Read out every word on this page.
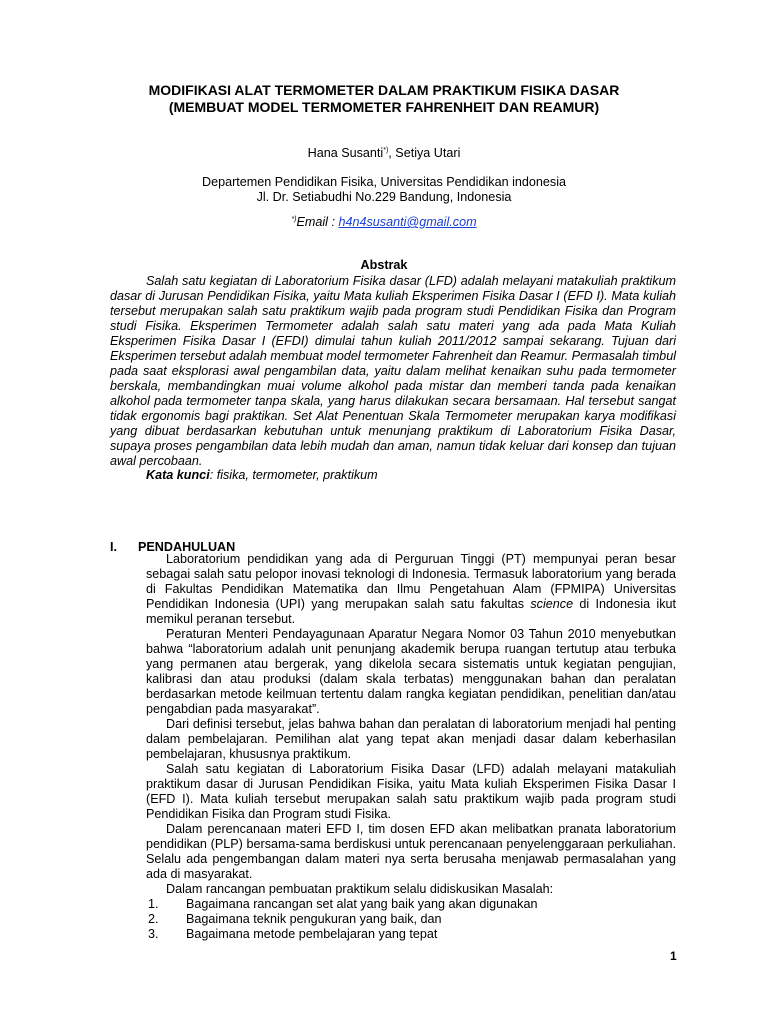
MODIFIKASI ALAT TERMOMETER DALAM PRAKTIKUM FISIKA DASAR
(MEMBUAT MODEL TERMOMETER FAHRENHEIT DAN REAMUR)
Hana Susanti*), Setiya Utari
Departemen Pendidikan Fisika, Universitas Pendidikan indonesia
Jl. Dr. Setiabudhi No.229 Bandung, Indonesia
*)Email : h4n4susanti@gmail.com
Abstrak
Salah satu kegiatan di Laboratorium Fisika dasar (LFD) adalah melayani matakuliah praktikum dasar di Jurusan Pendidikan Fisika, yaitu Mata kuliah Eksperimen Fisika Dasar I (EFD I). Mata kuliah tersebut merupakan salah satu praktikum wajib pada program studi Pendidikan Fisika dan Program studi Fisika. Eksperimen Termometer adalah salah satu materi yang ada pada Mata Kuliah Eksperimen Fisika Dasar I (EFDI) dimulai tahun kuliah 2011/2012 sampai sekarang. Tujuan dari Eksperimen tersebut adalah membuat model termometer Fahrenheit dan Reamur. Permasalah timbul pada saat eksplorasi awal pengambilan data, yaitu dalam melihat kenaikan suhu pada termometer berskala, membandingkan muai volume alkohol pada mistar dan memberi tanda pada kenaikan alkohol pada termometer tanpa skala, yang harus dilakukan secara bersamaan. Hal tersebut sangat tidak ergonomis bagi praktikan. Set Alat Penentuan Skala Termometer merupakan karya modifikasi yang dibuat berdasarkan kebutuhan untuk menunjang praktikum di Laboratorium Fisika Dasar, supaya proses pengambilan data lebih mudah dan aman, namun tidak keluar dari konsep dan tujuan awal percobaan.
Kata kunci: fisika, termometer, praktikum
I. PENDAHULUAN

Laboratorium pendidikan yang ada di Perguruan Tinggi (PT) mempunyai peran besar sebagai salah satu pelopor inovasi teknologi di Indonesia. Termasuk laboratorium yang berada di Fakultas Pendidikan Matematika dan Ilmu Pengetahuan Alam (FPMIPA) Universitas Pendidikan Indonesia (UPI) yang merupakan salah satu fakultas science di Indonesia ikut memikul peranan tersebut.

Peraturan Menteri Pendayagunaan Aparatur Negara Nomor 03 Tahun 2010 menyebutkan bahwa “laboratorium adalah unit penunjang akademik berupa ruangan tertutup atau terbuka yang permanen atau bergerak, yang dikelola secara sistematis untuk kegiatan pengujian, kalibrasi dan atau produksi (dalam skala terbatas) menggunakan bahan dan peralatan berdasarkan metode keilmuan tertentu dalam rangka kegiatan pendidikan, penelitian dan/atau pengabdian pada masyarakat”.

Dari definisi tersebut, jelas bahwa bahan dan peralatan di laboratorium menjadi hal penting dalam pembelajaran. Pemilihan alat yang tepat akan menjadi dasar dalam keberhasilan pembelajaran, khususnya praktikum.

Salah satu kegiatan di Laboratorium Fisika Dasar (LFD) adalah melayani matakuliah praktikum dasar di Jurusan Pendidikan Fisika, yaitu Mata kuliah Eksperimen Fisika Dasar I (EFD I). Mata kuliah tersebut merupakan salah satu praktikum wajib pada program studi Pendidikan Fisika dan Program studi Fisika.

Dalam perencanaan materi EFD I, tim dosen EFD akan melibatkan pranata laboratorium pendidikan (PLP) bersama-sama berdiskusi untuk perencanaan penyelenggaraan perkuliahan. Selalu ada pengembangan dalam materi nya serta berusaha menjawab permasalahan yang ada di masyarakat.

Dalam rancangan pembuatan praktikum selalu didiskusikan Masalah:

1.	Bagaimana rancangan set alat yang baik yang akan digunakan
2.	Bagaimana teknik pengukuran yang baik, dan
3.	Bagaimana metode pembelajaran yang tepat
1
